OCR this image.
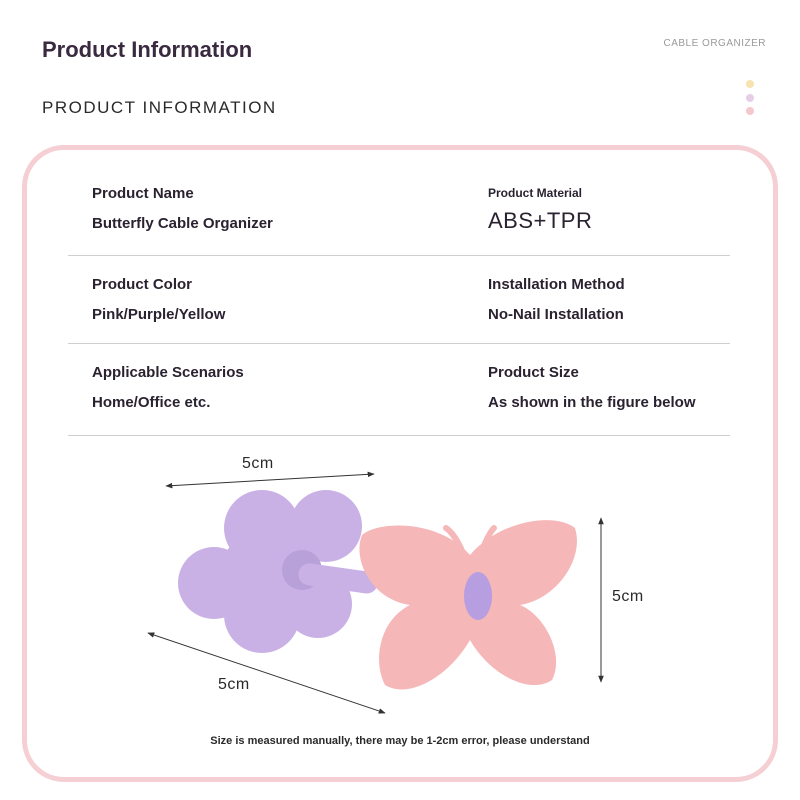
Product Information
PRODUCT INFORMATION
CABLE ORGANIZER
Product Name
Butterfly Cable Organizer
Product Material
ABS+TPR
Product Color
Pink/Purple/Yellow
Installation Method
No-Nail Installation
Applicable Scenarios
Home/Office etc.
Product Size
As shown in the figure below
5cm
5cm
5cm
Size is measured manually, there may be 1-2cm error, please understand
